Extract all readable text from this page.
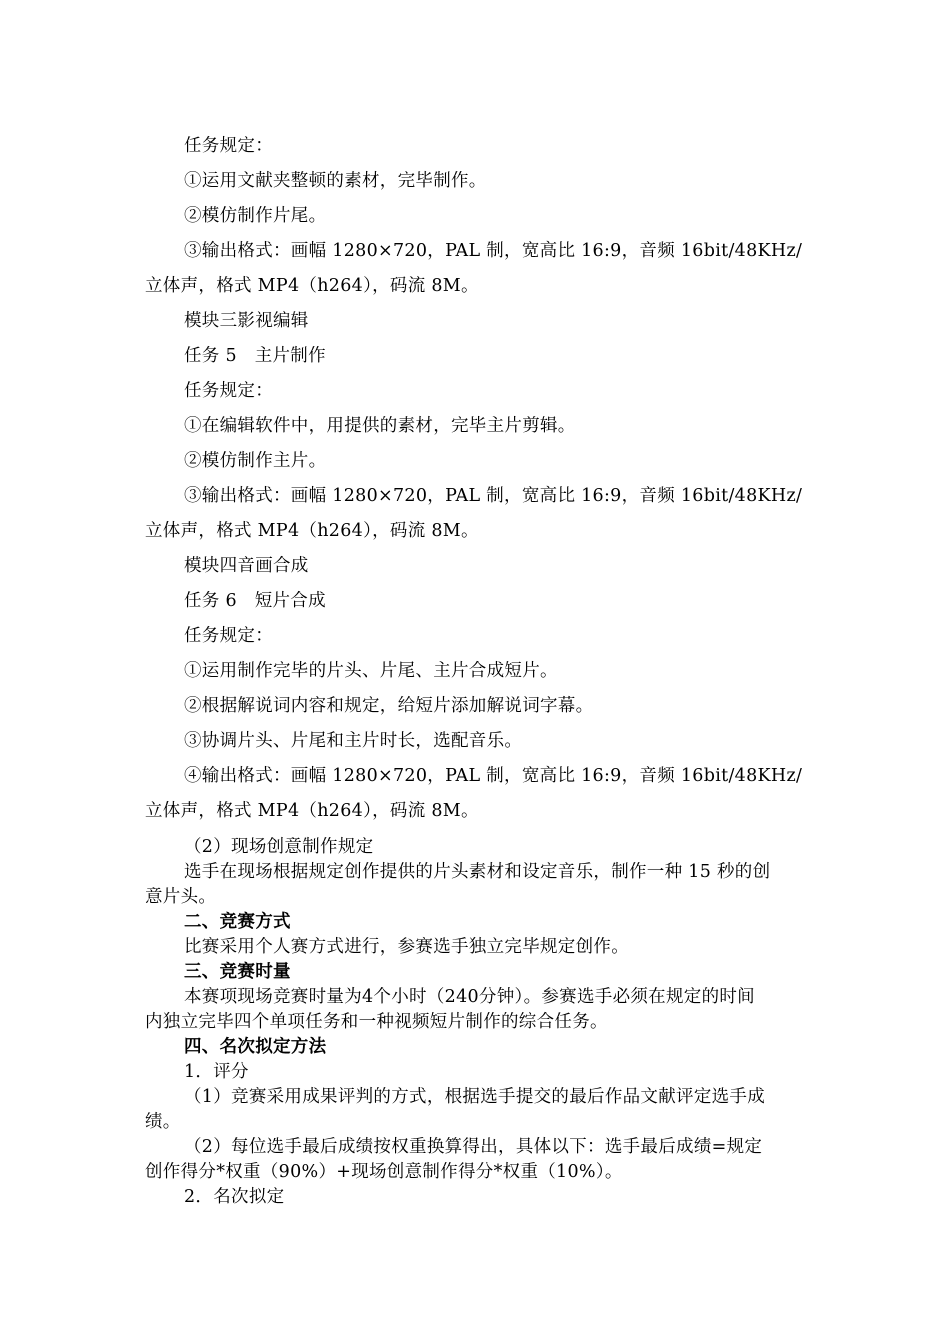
任务规定：
①运用文献夹整顿的素材，完毕制作。
②模仿制作片尾。
③输出格式：画幅 1280×720，PAL 制，宽高比 16:9，音频 16bit/48KHz/
立体声，格式 MP4（h264），码流 8M。
模块三影视编辑
任务 5　主片制作
任务规定：
①在编辑软件中，用提供的素材，完毕主片剪辑。
②模仿制作主片。
③输出格式：画幅 1280×720，PAL 制，宽高比 16:9，音频 16bit/48KHz/
立体声，格式 MP4（h264），码流 8M。
模块四音画合成
任务 6　短片合成
任务规定：
①运用制作完毕的片头、片尾、主片合成短片。
②根据解说词内容和规定，给短片添加解说词字幕。
③协调片头、片尾和主片时长，选配音乐。
④输出格式：画幅 1280×720，PAL 制，宽高比 16:9，音频 16bit/48KHz/
立体声，格式 MP4（h264），码流 8M。
（2）现场创意制作规定
选手在现场根据规定创作提供的片头素材和设定音乐，制作一种 15 秒的创
意片头。
二、竞赛方式
比赛采用个人赛方式进行，参赛选手独立完毕规定创作。
三、竞赛时量
本赛项现场竞赛时量为4个小时（240分钟）。参赛选手必须在规定的时间
内独立完毕四个单项任务和一种视频短片制作的综合任务。
四、名次拟定方法
1．评分
（1）竞赛采用成果评判的方式，根据选手提交的最后作品文献评定选手成
绩。
（2）每位选手最后成绩按权重换算得出，具体以下：选手最后成绩=规定
创作得分*权重（90%）+现场创意制作得分*权重（10%）。
2．名次拟定
